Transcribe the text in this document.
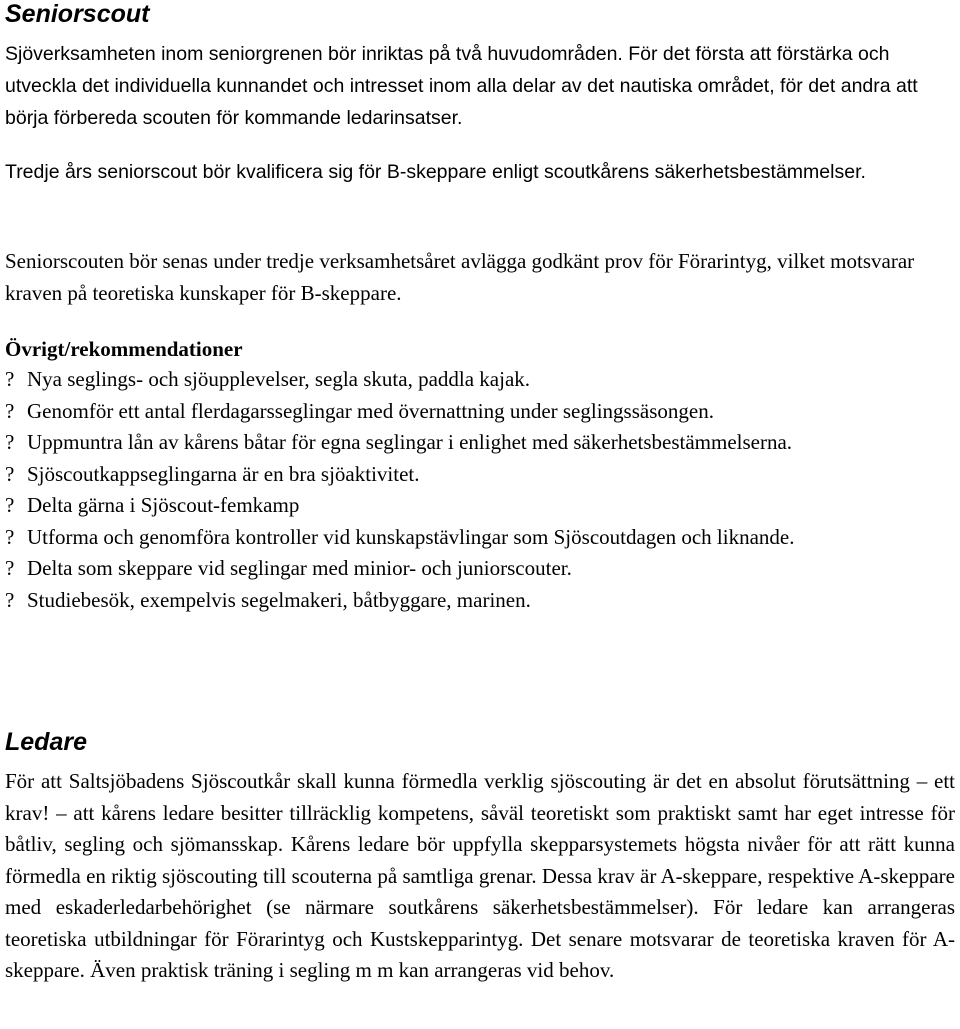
Seniorscout

Sjöverksamheten inom seniorgrenen bör inriktas på två huvudområden. För det första att förstärka och utveckla det individuella kunnandet och intresset inom alla delar av det nautiska området, för det andra att börja förbereda scouten för kommande ledarinsatser.

Tredje års seniorscout bör kvalificera sig för B-skeppare enligt scoutkårens säkerhetsbestämmelser.

Seniorscouten bör senas under tredje verksamhetsåret avlägga godkänt prov för Förarintyg, vilket motsvarar kraven på teoretiska kunskaper för B-skeppare.

Övrigt/rekommendationer

? Nya seglings- och sjöupplevelser, segla skuta, paddla kajak.
? Genomför ett antal flerdagarsseglingar med övernattning under seglingssäsongen.
? Uppmuntra lån av kårens båtar för egna seglingar i enlighet med säkerhetsbestämmelserna.
? Sjöscoutkappseglingarna är en bra sjöaktivitet.
? Delta gärna i Sjöscout-femkamp
? Utforma och genomföra kontroller vid kunskapstävlingar som Sjöscoutdagen och liknande.
? Delta som skeppare vid seglingar med minior- och juniorscouter.
? Studiebesök, exempelvis segelmakeri, båtbyggare, marinen.
Ledare

För att Saltsjöbadens Sjöscoutkår skall kunna förmedla verklig sjöscouting är det en absolut förutsättning – ett krav! – att kårens ledare besitter tillräcklig kompetens, såväl teoretiskt som praktiskt samt har eget intresse för båtliv, segling och sjömansskap. Kårens ledare bör uppfylla skepparsystemets högsta nivåer för att rätt kunna förmedla en riktig sjöscouting till scouterna på samtliga grenar. Dessa krav är A-skeppare, respektive A-skeppare med eskaderledarbehörighet (se närmare soutkårens säkerhetsbestämmelser). För ledare kan arrangeras teoretiska utbildningar för Förarintyg och Kustskepparintyg. Det senare motsvarar de teoretiska kraven för A-skeppare. Även praktisk träning i segling m m kan arrangeras vid behov.
